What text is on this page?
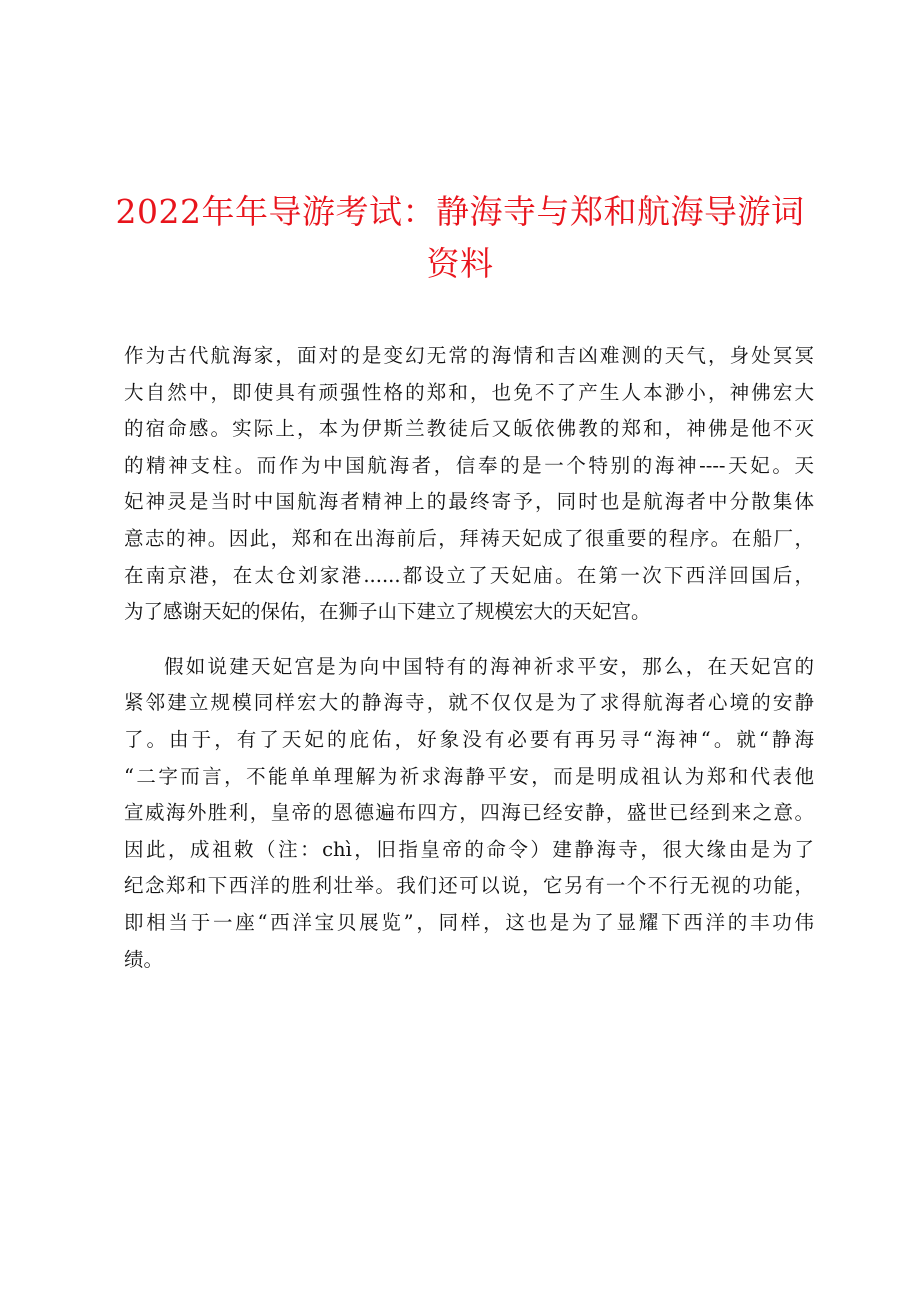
2022年年导游考试：静海寺与郑和航海导游词
资料
作为古代航海家，面对的是变幻无常的海情和吉凶难测的天气，身处冥冥
大自然中，即使具有顽强性格的郑和，也免不了产生人本渺小，神佛宏大
的宿命感。实际上，本为伊斯兰教徒后又皈依佛教的郑和，神佛是他不灭
的精神支柱。而作为中国航海者，信奉的是一个特别的海神----天妃。天
妃神灵是当时中国航海者精神上的最终寄予，同时也是航海者中分散集体
意志的神。因此，郑和在出海前后，拜祷天妃成了很重要的程序。在船厂，
在南京港，在太仓刘家港......都设立了天妃庙。在第一次下西洋回国后，
为了感谢天妃的保佑，在狮子山下建立了规模宏大的天妃宫。
假如说建天妃宫是为向中国特有的海神祈求平安，那么，在天妃宫的
紧邻建立规模同样宏大的静海寺，就不仅仅是为了求得航海者心境的安静
了。由于，有了天妃的庇佑，好象没有必要有再另寻“海神“。就“静海
“二字而言，不能单单理解为祈求海静平安，而是明成祖认为郑和代表他
宣威海外胜利，皇帝的恩德遍布四方，四海已经安静，盛世已经到来之意。
因此，成祖敕（注：chì，旧指皇帝的命令）建静海寺，很大缘由是为了
纪念郑和下西洋的胜利壮举。我们还可以说，它另有一个不行无视的功能，
即相当于一座“西洋宝贝展览”，同样，这也是为了显耀下西洋的丰功伟
绩。
